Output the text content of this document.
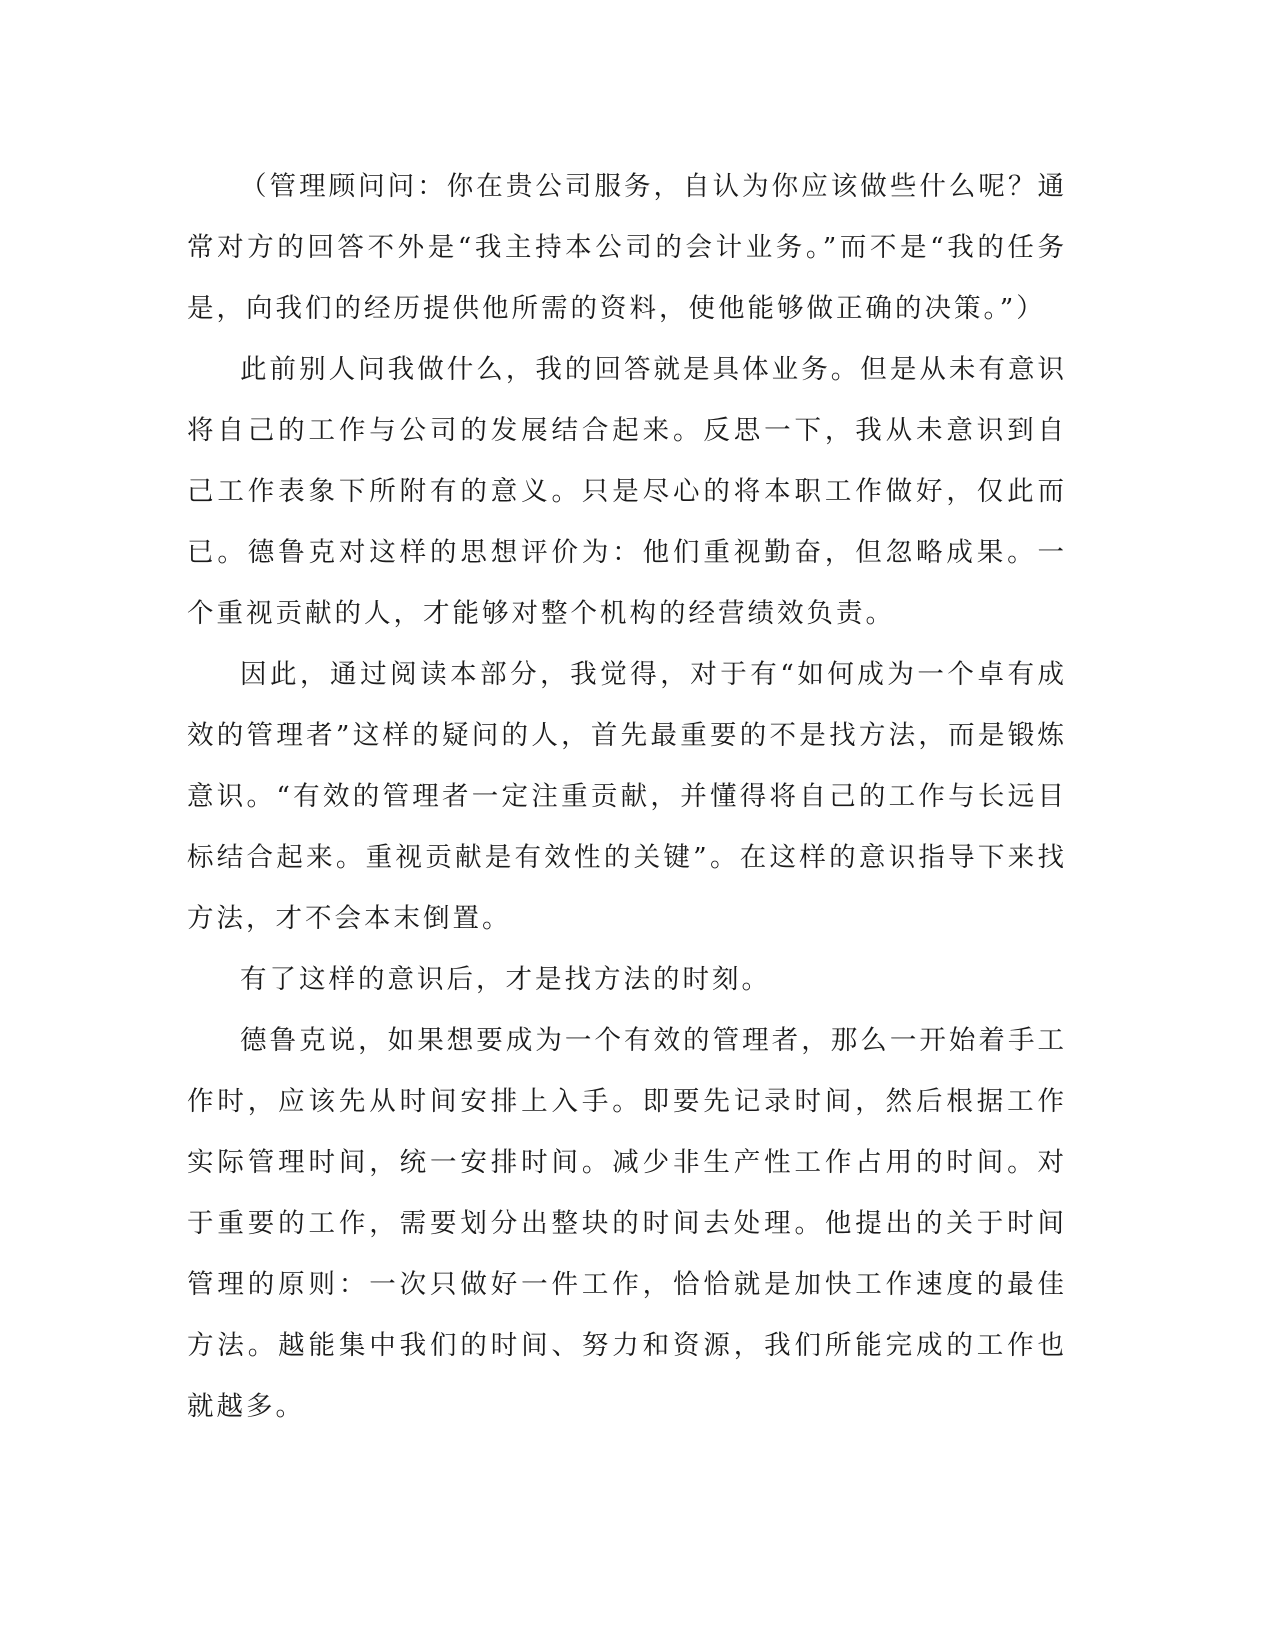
（管理顾问问：你在贵公司服务，自认为你应该做些什么呢？通常对方的回答不外是“我主持本公司的会计业务。”而不是“我的任务是，向我们的经历提供他所需的资料，使他能够做正确的决策。”）

此前别人问我做什么，我的回答就是具体业务。但是从未有意识将自己的工作与公司的发展结合起来。反思一下，我从未意识到自己工作表象下所附有的意义。只是尽心的将本职工作做好，仅此而已。德鲁克对这样的思想评价为：他们重视勤奋，但忽略成果。一个重视贡献的人，才能够对整个机构的经营绩效负责。

因此，通过阅读本部分，我觉得，对于有“如何成为一个卓有成效的管理者”这样的疑问的人，首先最重要的不是找方法，而是锻炼意识。“有效的管理者一定注重贡献，并懂得将自己的工作与长远目标结合起来。重视贡献是有效性的关键”。在这样的意识指导下来找方法，才不会本末倒置。

有了这样的意识后，才是找方法的时刻。

德鲁克说，如果想要成为一个有效的管理者，那么一开始着手工作时，应该先从时间安排上入手。即要先记录时间，然后根据工作实际管理时间，统一安排时间。减少非生产性工作占用的时间。对于重要的工作，需要划分出整块的时间去处理。他提出的关于时间管理的原则：一次只做好一件工作，恰恰就是加快工作速度的最佳方法。越能集中我们的时间、努力和资源，我们所能完成的工作也就越多。
